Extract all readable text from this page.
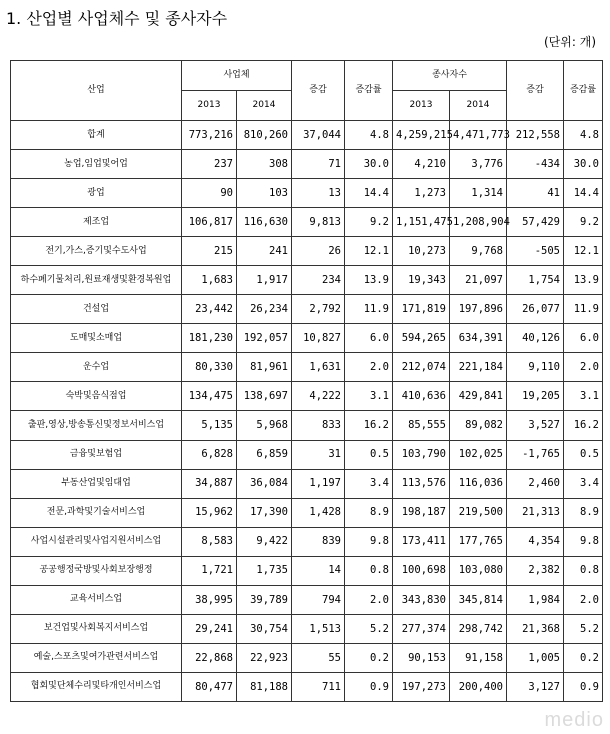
1. 산업별 사업체수 및 종사자수
(단위: 개)
산업	사업체		증감	증감률	종사자수		증감	증감률
	2013	2014			2013	2014		
합계	773,216	810,260	37,044	4.8	4,259,215	4,471,773	212,558	4.8
농업,임업및어업	237	308	71	30.0	4,210	3,776	-434	30.0
광업	90	103	13	14.4	1,273	1,314	41	14.4
제조업	106,817	116,630	9,813	9.2	1,151,475	1,208,904	57,429	9.2
전기,가스,증기및수도사업	215	241	26	12.1	10,273	9,768	-505	12.1
하수폐기물처리,원료재생및환경복원업	1,683	1,917	234	13.9	19,343	21,097	1,754	13.9
건설업	23,442	26,234	2,792	11.9	171,819	197,896	26,077	11.9
도매및소매업	181,230	192,057	10,827	6.0	594,265	634,391	40,126	6.0
운수업	80,330	81,961	1,631	2.0	212,074	221,184	9,110	2.0
숙박및음식점업	134,475	138,697	4,222	3.1	410,636	429,841	19,205	3.1
출판,영상,방송통신및정보서비스업	5,135	5,968	833	16.2	85,555	89,082	3,527	16.2
금융및보험업	6,828	6,859	31	0.5	103,790	102,025	-1,765	0.5
부동산업및임대업	34,887	36,084	1,197	3.4	113,576	116,036	2,460	3.4
전문,과학및기술서비스업	15,962	17,390	1,428	8.9	198,187	219,500	21,313	8.9
사업시설관리및사업지원서비스업	8,583	9,422	839	9.8	173,411	177,765	4,354	9.8
공공행정국방및사회보장행정	1,721	1,735	14	0.8	100,698	103,080	2,382	0.8
교육서비스업	38,995	39,789	794	2.0	343,830	345,814	1,984	2.0
보건업및사회복지서비스업	29,241	30,754	1,513	5.2	277,374	298,742	21,368	5.2
예술,스포츠및여가관련서비스업	22,868	22,923	55	0.2	90,153	91,158	1,005	0.2
협회및단체수리및타개인서비스업	80,477	81,188	711	0.9	197,273	200,400	3,127	0.9
medio
